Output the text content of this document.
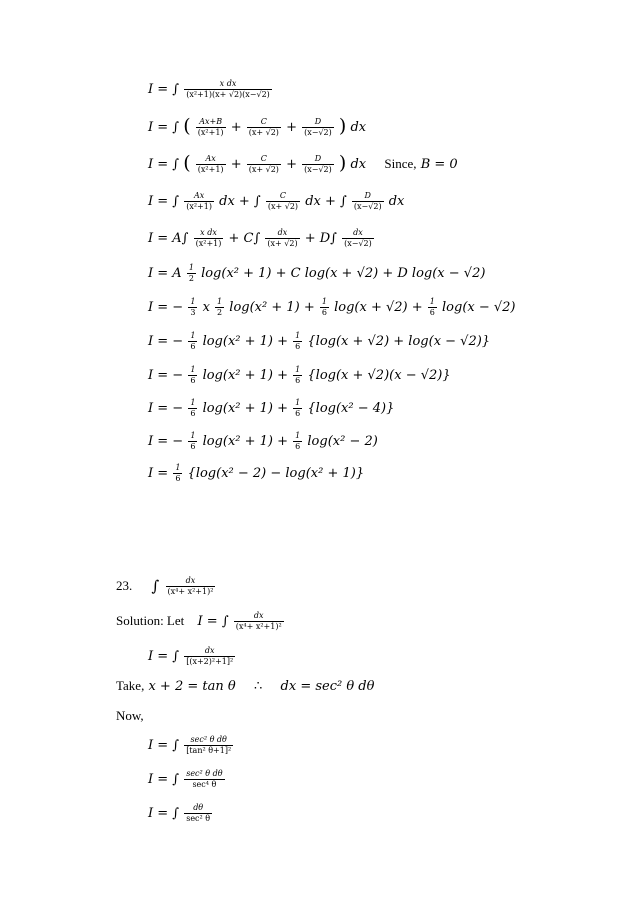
I = ∫ $\frac{\text{x dx}}{\text{(x²+1)(x+ √2)(x−√2)}}$
I = ∫ ( $\frac{Ax+B}{\text{(x²+1)}} + \frac{C}{(x+ √2)} + \frac{D}{(x-√2)}$ ) dx
I = ∫ ( $\frac{Ax}{\text{(x²+1)}} + \frac{C}{(x+ √2)} + \frac{D}{(x-√2)}$ ) dx Since, B = 0
I = ∫ $\frac{Ax}{\text{(x²+1)}}$ dx + ∫ $\frac{C}{(x+ √2)}$ dx + ∫ $\frac{D}{(x-√2)}$ dx
$I = A\int \frac{\text{x dx}}{\text{(x²+1)}} + C\int \frac{dx}{(x+ √2)} + D\int \frac{dx}{(x-√2)}$
I = A $\frac{1}{2} \log(x^2 + 1) + C$ log(x + √2) + D log(x − √2)
I = − $\frac{1}{3}$ x $\frac{1}{2} \log(x^2 + 1) + \frac{1}{6} \log(x + √2) + \frac{1}{6} \log(x - √2)$
I = − $\frac{1}{6} \log(x^2 + 1) + \frac{1}{6} \{\log(x + √2) + \log(x - √2)\}$
I = − $\frac{1}{6} \log(x^2 + 1) + \frac{1}{6} \{\log(x + √2)(x - √2)\}$
I = − $\frac{1}{6} \log(x^2 + 1) + \frac{1}{6} \{\log(x^2 - 4)\}$
I = − $\frac{1}{6} \log(x^2 + 1) + \frac{1}{6} \log(x^2 - 2)$
$I = \frac{1}{6} \{\log(x^2 - 2) - \log(x^2 + 1)\}$
23. ∫ $\frac{dx}{\text{(x⁴+ x²+1)²}}$
Solution: Let I = ∫ $\frac{dx}{\text{(x⁴+ x²+1)²}}$
I = ∫ $\frac{dx}{\text{[(x+2)²+1]²}}$
Take, x + 2 = tan θ ∴ dx = sec² θ dθ
Now,
I = ∫ $\frac{\text{sec² θ dθ}}{\text{[tan² θ+1]²}}$
I = ∫ $\frac{\text{sec² θ dθ}}{\text{sec⁴ θ}}$
I = ∫ $\frac{d\theta}{\text{sec² θ}}$
